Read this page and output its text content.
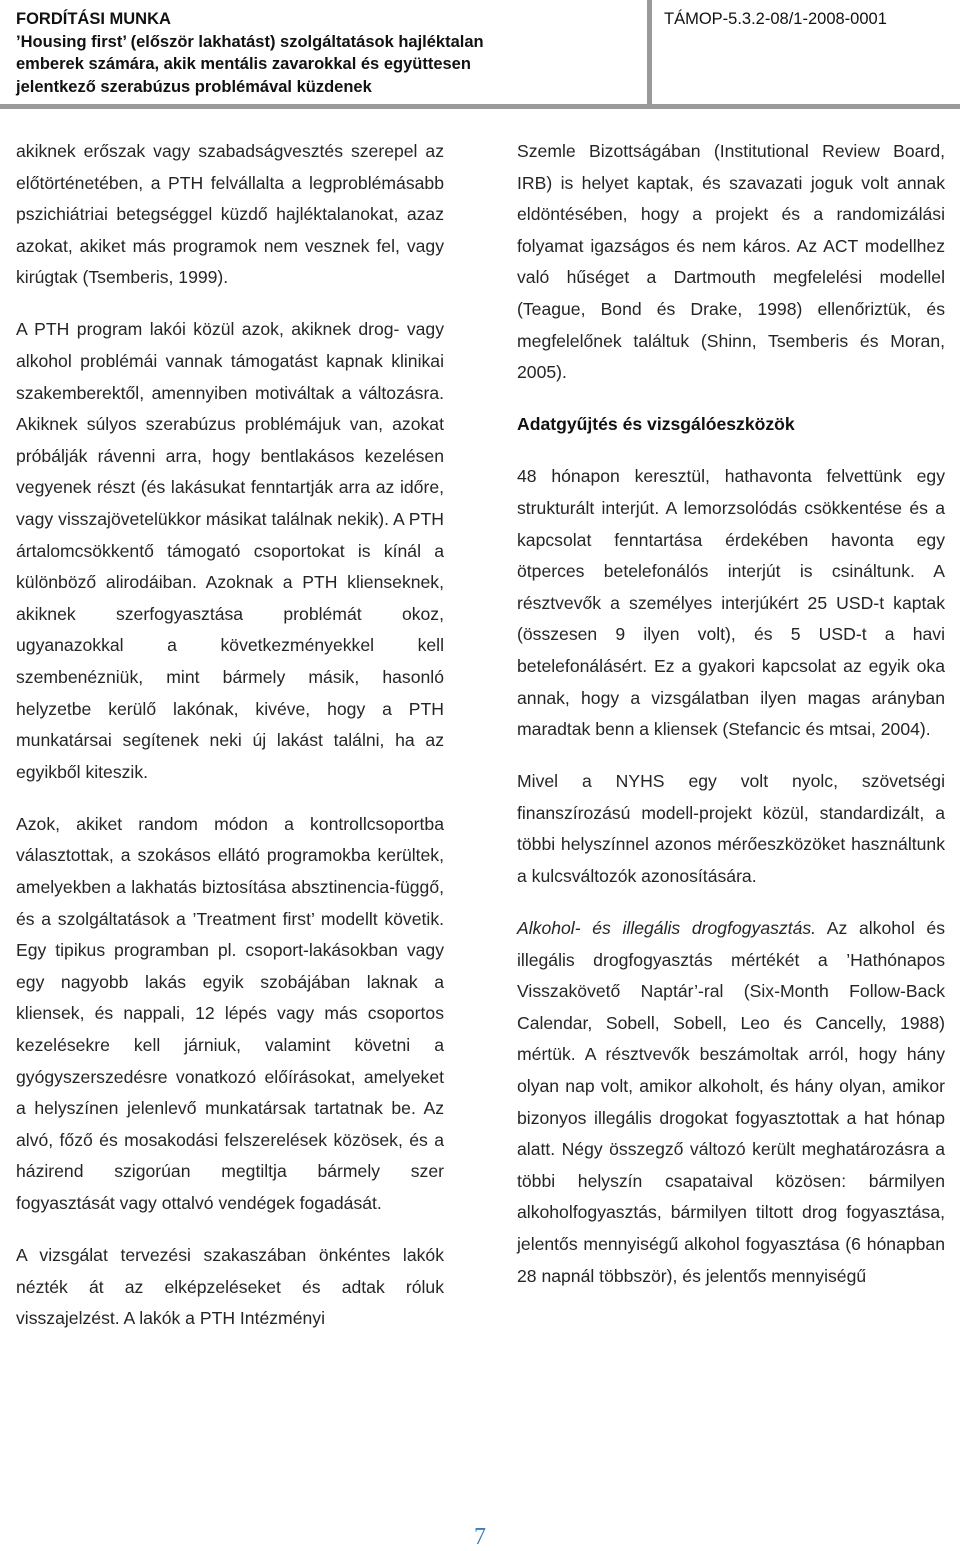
FORDÍTÁSI MUNKA
’Housing first’ (először lakhatást) szolgáltatások hajléktalan
emberek számára, akik mentális zavarokkal és együttesen
jelentkező szerabúzus problémával küzdenek
TÁMOP-5.3.2-08/1-2008-0001

akiknek erőszak vagy szabadságvesztés szerepel az előtörténetében, a PTH felvállalta a legproblémásabb pszichiátriai betegséggel küzdő hajléktalanokat, azaz azokat, akiket más programok nem vesznek fel, vagy kirúgtak (Tsemberis, 1999).

A PTH program lakói közül azok, akiknek drog- vagy alkohol problémái vannak támogatást kapnak klinikai szakemberektől, amennyiben motiváltak a változásra. Akiknek súlyos szerabúzus problémájuk van, azokat próbálják rávenni arra, hogy bentlakásos kezelésen vegyenek részt (és lakásukat fenntartják arra az időre, vagy visszajövetelükkor másikat találnak nekik). A PTH ártalomcsökkentő támogató csoportokat is kínál a különböző alirodáiban. Azoknak a PTH klienseknek, akiknek szerfogyasztása problémát okoz, ugyanazokkal a következményekkel kell szembenézniük, mint bármely másik, hasonló helyzetbe kerülő lakónak, kivéve, hogy a PTH munkatársai segítenek neki új lakást találni, ha az egyikből kiteszik.

Azok, akiket random módon a kontrollcsoportba választottak, a szokásos ellátó programokba kerültek, amelyekben a lakhatás biztosítása absztinencia-függő, és a szolgáltatások a ’Treatment first’ modellt követik. Egy tipikus programban pl. csoport-lakásokban vagy egy nagyobb lakás egyik szobájában laknak a kliensek, és nappali, 12 lépés vagy más csoportos kezelésekre kell járniuk, valamint követni a gyógyszerszedésre vonatkozó előírásokat, amelyeket a helyszínen jelenlevő munkatársak tartatnak be. Az alvó, főző és mosakodási felszerelések közösek, és a házirend szigorúan megtiltja bármely szer fogyasztását vagy ottalvó vendégek fogadását.

A vizsgálat tervezési szakaszában önkéntes lakók nézték át az elképzeléseket és adtak róluk visszajelzést. A lakók a PTH Intézményi

Szemle Bizottságában (Institutional Review Board, IRB) is helyet kaptak, és szavazati joguk volt annak eldöntésében, hogy a projekt és a randomizálási folyamat igazságos és nem káros. Az ACT modellhez való hűséget a Dartmouth megfelelési modellel (Teague, Bond és Drake, 1998) ellenőriztük, és megfelelőnek találtuk (Shinn, Tsemberis és Moran, 2005).

Adatgyűjtés és vizsgálóeszközök

48 hónapon keresztül, hathavonta felvettünk egy strukturált interjút. A lemorzsolódás csökkentése és a kapcsolat fenntartása érdekében havonta egy ötperces betelefonálós interjút is csináltunk. A résztvevők a személyes interjúkért 25 USD-t kaptak (összesen 9 ilyen volt), és 5 USD-t a havi betelefonálásért. Ez a gyakori kapcsolat az egyik oka annak, hogy a vizsgálatban ilyen magas arányban maradtak benn a kliensek (Stefancic és mtsai, 2004).

Mivel a NYHS egy volt nyolc, szövetségi finanszírozású modell-projekt közül, standardizált, a többi helyszínnel azonos mérőeszközöket használtunk a kulcsváltozók azonosítására.

Alkohol- és illegális drogfogyasztás. Az alkohol és illegális drogfogyasztás mértékét a ’Hathónapos Visszakövető Naptár’-ral (Six-Month Follow-Back Calendar, Sobell, Sobell, Leo és Cancelly, 1988) mértük. A résztvevők beszámoltak arról, hogy hány olyan nap volt, amikor alkoholt, és hány olyan, amikor bizonyos illegális drogokat fogyasztottak a hat hónap alatt. Négy összegző változó került meghatározásra a többi helyszín csapataival közösen: bármilyen alkoholfogyasztás, bármilyen tiltott drog fogyasztása, jelentős mennyiségű alkohol fogyasztása (6 hónapban 28 napnál többször), és jelentős mennyiségű

7
